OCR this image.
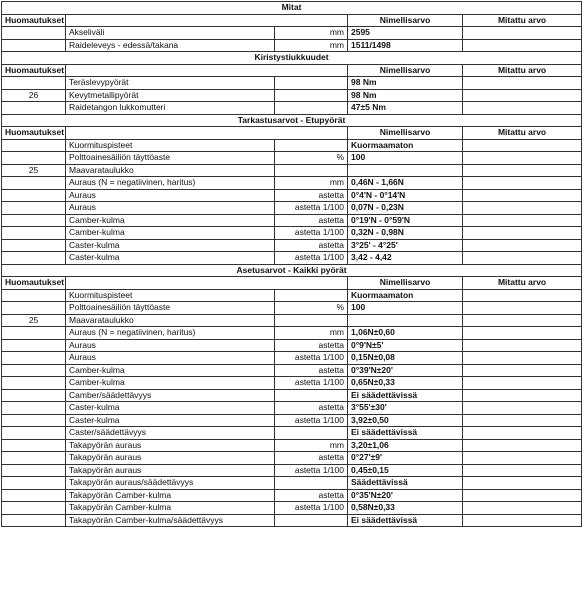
Mitat				
Huomautukset			Nimellisarvo	Mitattu arvo
	Akseliväli	mm	2595	
	Raideleveys - edessä/takana	mm	1511/1498	
Kiristystiukkuudet				
Huomautukset			Nimellisarvo	Mitattu arvo
	Teräslevypyörät		98 Nm	
26	Kevytmetallipyörät		98 Nm	
	Raidetangon lukkomutteri		47±5 Nm	
Tarkastusarvot - Etupyörät				
Huomautukset			Nimellisarvo	Mitattu arvo
	Kuormituspisteet		Kuormaamaton	
	Polttoainesäiliön täyttöaste	%	100	
25	Maavarataulukko			
	Auraus (N = negatiivinen, haritus)	mm	0,46N - 1,66N	
	Auraus	astetta	0°4'N - 0°14'N	
	Auraus	astetta 1/100	0,07N - 0,23N	
	Camber-kulma	astetta	0°19'N - 0°59'N	
	Camber-kulma	astetta 1/100	0,32N - 0,98N	
	Caster-kulma	astetta	3°25' - 4°25'	
	Caster-kulma	astetta 1/100	3,42 - 4,42	
Asetusarvot - Kaikki pyörät				
Huomautukset			Nimellisarvo	Mitattu arvo
	Kuormituspisteet		Kuormaamaton	
	Polttoainesäiliön täyttöaste	%	100	
25	Maavarataulukko			
	Auraus (N = negatiivinen, haritus)	mm	1,06N±0,60	
	Auraus	astetta	0°9'N±5'	
	Auraus	astetta 1/100	0,15N±0,08	
	Camber-kulma	astetta	0°39'N±20'	
	Camber-kulma	astetta 1/100	0,65N±0,33	
	Camber/säädettävyys		Ei säädettävissä	
	Caster-kulma	astetta	3°55'±30'	
	Caster-kulma	astetta 1/100	3,92±0,50	
	Caster/säädettävyys		Ei säädettävissä	
	Takapyörän auraus	mm	3,20±1,06	
	Takapyörän auraus	astetta	0°27'±9'	
	Takapyörän auraus	astetta 1/100	0,45±0,15	
	Takapyörän auraus/säädettävyys		Säädettävissä	
	Takapyörän Camber-kulma	astetta	0°35'N±20'	
	Takapyörän Camber-kulma	astetta 1/100	0,58N±0,33	
	Takapyörän Camber-kulma/säädettävyys		Ei säädettävissä	
